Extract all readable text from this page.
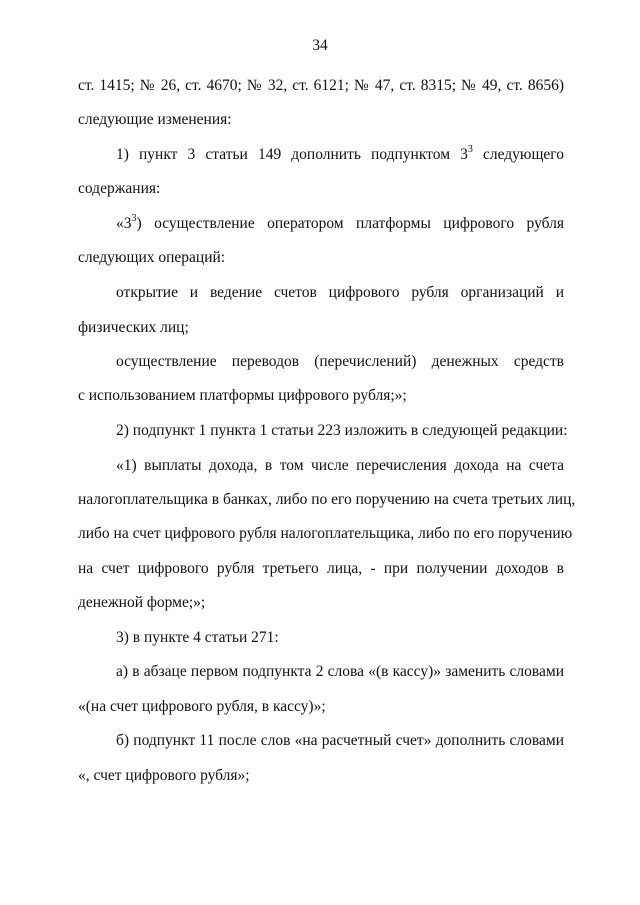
34
ст. 1415; № 26, ст. 4670; № 32, ст. 6121; № 47, ст. 8315; № 49, ст. 8656)
следующие изменения:
1) пункт 3 статьи 149 дополнить подпунктом $3^3$ следующего
содержания:
«$3^3$) осуществление оператором платформы цифрового рубля
следующих операций:
открытие и ведение счетов цифрового рубля организаций и
физических лиц;
осуществление переводов (перечислений) денежных средств
с использованием платформы цифрового рубля;»;
2) подпункт 1 пункта 1 статьи 223 изложить в следующей редакции:
«1) выплаты дохода, в том числе перечисления дохода на счета
налогоплательщика в банках, либо по его поручению на счета третьих лиц,
либо на счет цифрового рубля налогоплательщика, либо по его поручению
на счет цифрового рубля третьего лица, - при получении доходов в
денежной форме;»;
3) в пункте 4 статьи 271:
а) в абзаце первом подпункта 2 слова «(в кассу)» заменить словами
«(на счет цифрового рубля, в кассу)»;
б) подпункт 11 после слов «на расчетный счет» дополнить словами
«, счет цифрового рубля»;
